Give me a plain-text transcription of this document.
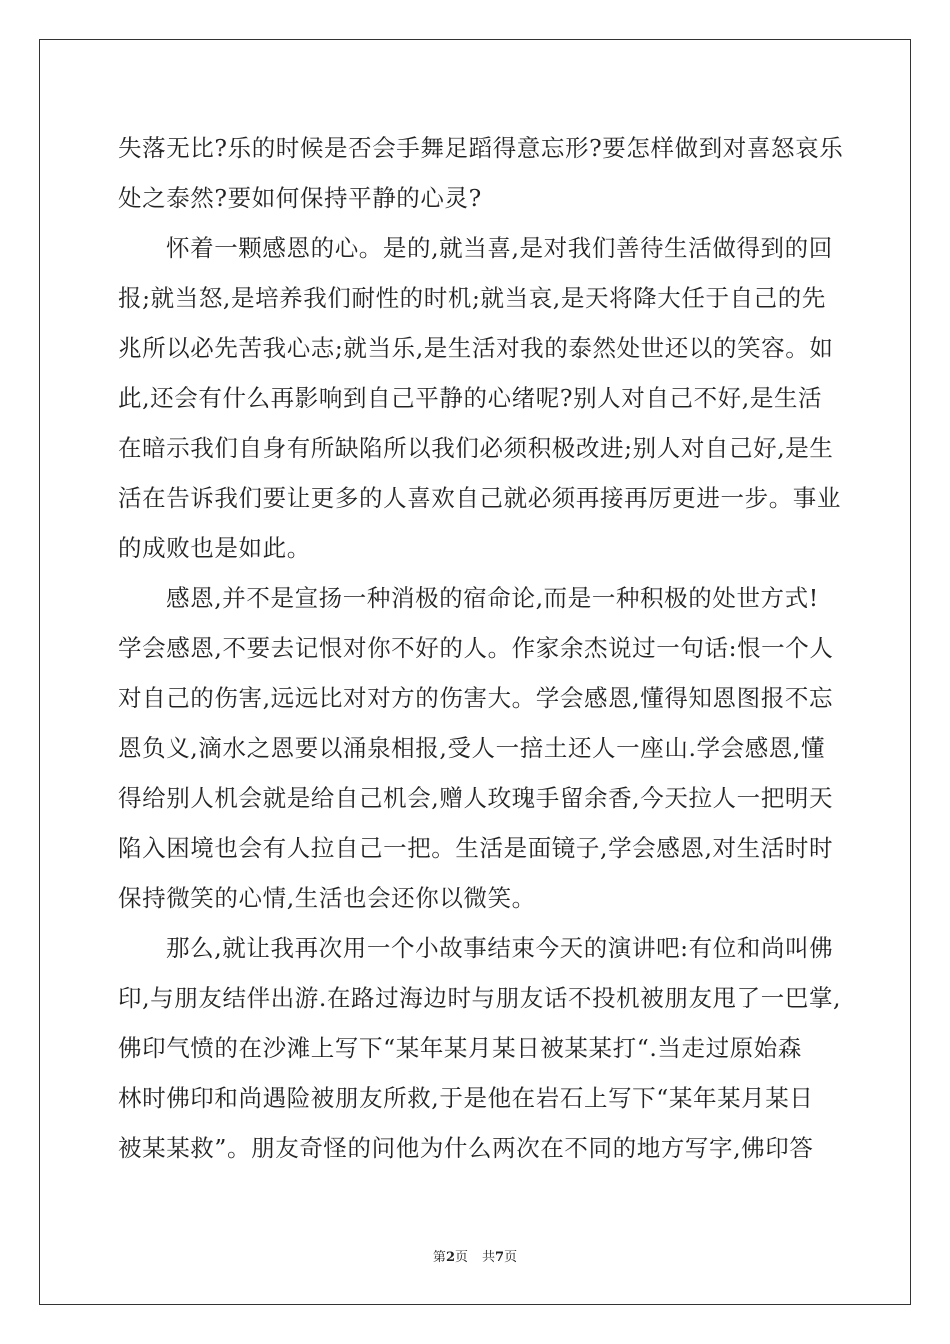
失落无比?乐的时候是否会手舞足蹈得意忘形?要怎样做到对喜怒哀乐
处之泰然?要如何保持平静的心灵?
怀着一颗感恩的心。是的,就当喜,是对我们善待生活做得到的回
报;就当怒,是培养我们耐性的时机;就当哀,是天将降大任于自己的先
兆所以必先苦我心志;就当乐,是生活对我的泰然处世还以的笑容。如
此,还会有什么再影响到自己平静的心绪呢?别人对自己不好,是生活
在暗示我们自身有所缺陷所以我们必须积极改进;别人对自己好,是生
活在告诉我们要让更多的人喜欢自己就必须再接再厉更进一步。事业
的成败也是如此。
感恩,并不是宣扬一种消极的宿命论,而是一种积极的处世方式!
学会感恩,不要去记恨对你不好的人。作家余杰说过一句话:恨一个人
对自己的伤害,远远比对对方的伤害大。学会感恩,懂得知恩图报不忘
恩负义,滴水之恩要以涌泉相报,受人一掊土还人一座山.学会感恩,懂
得给别人机会就是给自己机会,赠人玫瑰手留余香,今天拉人一把明天
陷入困境也会有人拉自己一把。生活是面镜子,学会感恩,对生活时时
保持微笑的心情,生活也会还你以微笑。
那么,就让我再次用一个小故事结束今天的演讲吧:有位和尚叫佛
印,与朋友结伴出游.在路过海边时与朋友话不投机被朋友甩了一巴掌,
佛印气愤的在沙滩上写下“某年某月某日被某某打“.当走过原始森
林时佛印和尚遇险被朋友所救,于是他在岩石上写下“某年某月某日
被某某救”。朋友奇怪的问他为什么两次在不同的地方写字,佛印答
第2页 共7页
